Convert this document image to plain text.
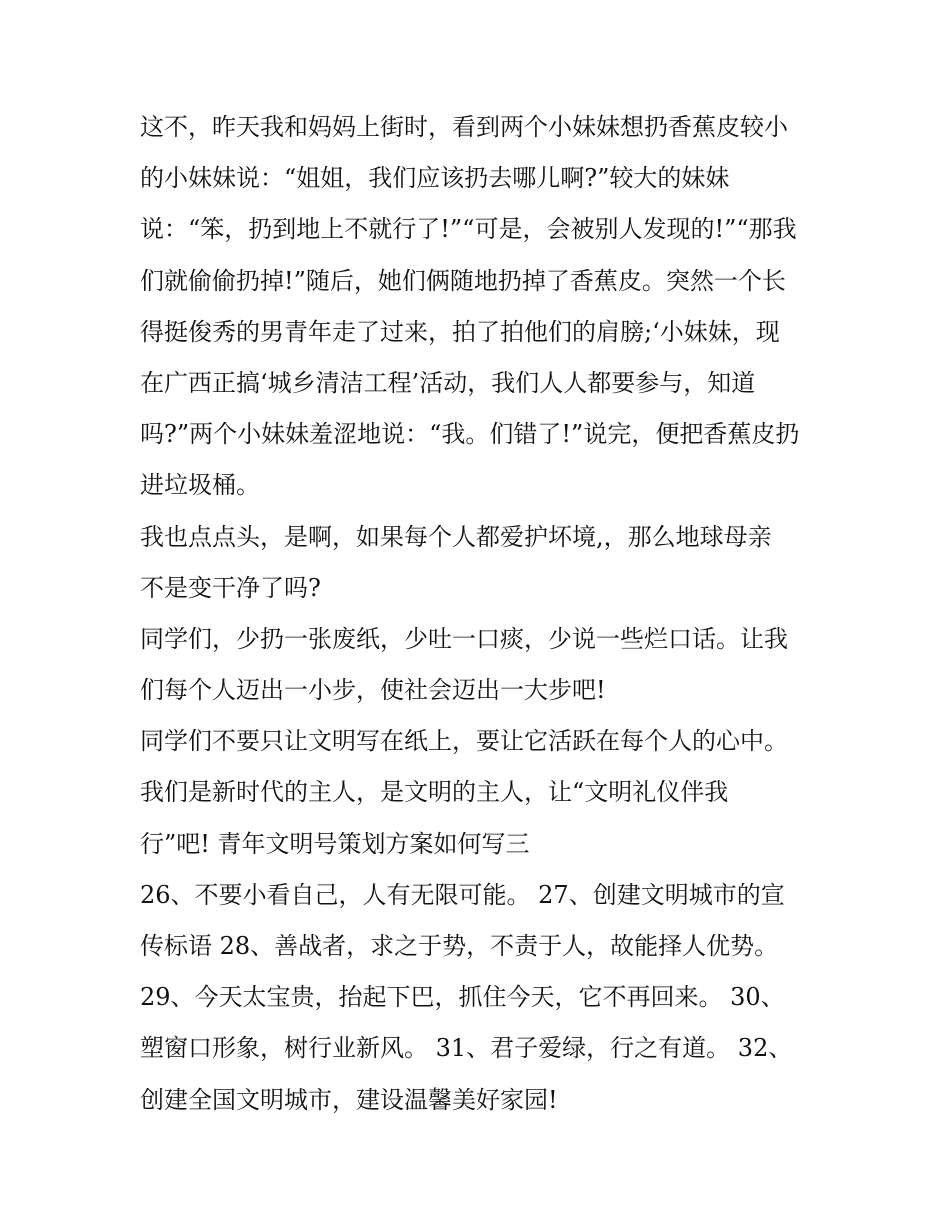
这不，昨天我和妈妈上街时，看到两个小妹妹想扔香蕉皮较小
的小妹妹说：“姐姐，我们应该扔去哪儿啊?”较大的妹妹
说：“笨，扔到地上不就行了!”“可是，会被别人发现的!”“那我
们就偷偷扔掉!”随后，她们俩随地扔掉了香蕉皮。突然一个长
得挺俊秀的男青年走了过来，拍了拍他们的肩膀;‘小妹妹，现
在广西正搞‘城乡清洁工程’活动，我们人人都要参与，知道
吗?”两个小妹妹羞涩地说：“我。们错了!”说完，便把香蕉皮扔
进垃圾桶。
我也点点头，是啊，如果每个人都爱护坏境,，那么地球母亲
不是变干净了吗?
同学们，少扔一张废纸，少吐一口痰，少说一些烂口话。让我
们每个人迈出一小步，使社会迈出一大步吧!
同学们不要只让文明写在纸上，要让它活跃在每个人的心中。
我们是新时代的主人，是文明的主人，让“文明礼仪伴我
行”吧! 青年文明号策划方案如何写三
26、不要小看自己，人有无限可能。 27、创建文明城市的宣
传标语 28、善战者，求之于势，不责于人，故能择人优势。
29、今天太宝贵，抬起下巴，抓住今天，它不再回来。 30、
塑窗口形象，树行业新风。 31、君子爱绿，行之有道。 32、
创建全国文明城市，建设温馨美好家园!
